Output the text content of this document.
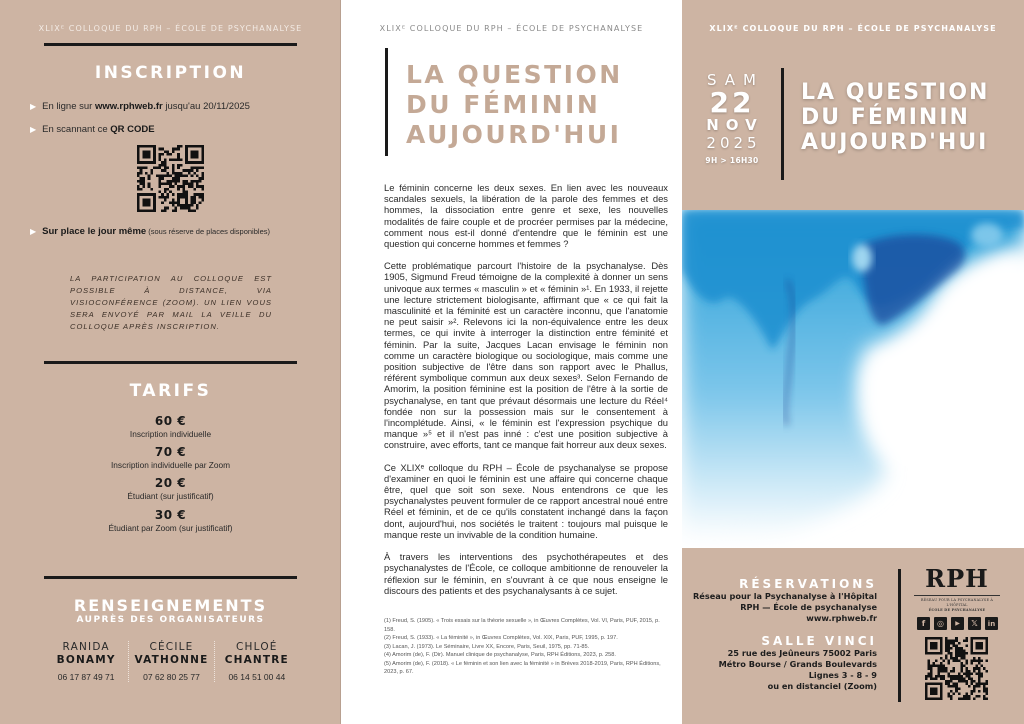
XLIXᴱ COLLOQUE DU RPH – ÉCOLE DE PSYCHANALYSE
INSCRIPTION
▶ En ligne sur www.rphweb.fr jusqu'au 20/11/2025
▶ En scannant ce QR CODE
▶ Sur place le jour même (sous réserve de places disponibles)
LA PARTICIPATION AU COLLOQUE EST POSSIBLE À DISTANCE, VIA VISIOCONFÉRENCE (ZOOM). UN LIEN VOUS SERA ENVOYÉ PAR MAIL LA VEILLE DU COLLOQUE APRÈS INSCRIPTION.
TARIFS
60 €
Inscription individuelle
70 €
Inscription individuelle par Zoom
20 €
Étudiant (sur justificatif)
30 €
Étudiant par Zoom (sur justificatif)
RENSEIGNEMENTS
AUPRÈS DES ORGANISATEURS
RANIDA
BONAMY
06 17 87 49 71
CÉCILE
VATHONNE
07 62 80 25 77
CHLOÉ
CHANTRE
06 14 51 00 44
XLIXᴱ COLLOQUE DU RPH – ÉCOLE DE PSYCHANALYSE
LA QUESTION
DU FÉMININ
AUJOURD'HUI

Le féminin concerne les deux sexes. En lien avec les nouveaux scandales sexuels, la libération de la parole des femmes et des hommes, la dissociation entre genre et sexe, les nouvelles modalités de faire couple et de procréer permises par la médecine, comment nous est-il donné d'entendre que le féminin est une question qui concerne hommes et femmes ?

Cette problématique parcourt l'histoire de la psychanalyse. Dès 1905, Sigmund Freud témoigne de la complexité à donner un sens univoque aux termes « masculin » et « féminin »¹. En 1933, il rejette une lecture strictement biologisante, affirmant que « ce qui fait la masculinité et la féminité est un caractère inconnu, que l'anatomie ne peut saisir »². Relevons ici la non-équivalence entre les deux termes, ce qui invite à interroger la distinction entre féminité et féminin. Par la suite, Jacques Lacan envisage le féminin non comme un caractère biologique ou sociologique, mais comme une position subjective de l'être dans son rapport avec le Phallus, référent symbolique commun aux deux sexes³. Selon Fernando de Amorim, la position féminine est la position de l'être à la sortie de psychanalyse, en tant que prévaut désormais une lecture du Réel⁴ fondée non sur la possession mais sur le consentement à l'incomplétude. Ainsi, « le féminin est l'expression psychique du manque »⁵ et il n'est pas inné : c'est une position subjective à construire, avec efforts, tant ce manque fait horreur aux deux sexes.

Ce XLIXᵉ colloque du RPH – École de psychanalyse se propose d'examiner en quoi le féminin est une affaire qui concerne chaque être, quel que soit son sexe. Nous entendrons ce que les psychanalystes peuvent formuler de ce rapport ancestral noué entre Réel et féminin, et de ce qu'ils constatent inchangé dans la façon dont, aujourd'hui, nos sociétés le traitent : toujours mal puisque le manque reste un invivable de la condition humaine.

À travers les interventions des psychothérapeutes et des psychanalystes de l'École, ce colloque ambitionne de renouveler la réflexion sur le féminin, en s'ouvrant à ce que nous enseigne le discours des patients et des psychanalysants à ce sujet.

(1) Freud, S. (1905). « Trois essais sur la théorie sexuelle », in Œuvres Complètes, Vol. VI, Paris, PUF, 2015, p. 158.
(2) Freud, S. (1933). « La féminité », in Œuvres Complètes, Vol. XIX, Paris, PUF, 1995, p. 197.
(3) Lacan, J. (1973). Le Séminaire, Livre XX, Encore, Paris, Seuil, 1975, pp. 71-85.
(4) Amorim (de), F. (Dir). Manuel clinique de psychanalyse, Paris, RPH Éditions, 2023, p. 258.
(5) Amorim (de), F. (2018). « Le féminin et son lien avec la féminité » in Brèves 2018-2019, Paris, RPH Éditions, 2023, p. 67.
XLIXᴱ COLLOQUE DU RPH – ÉCOLE DE PSYCHANALYSE
SAM
22
NOV
2025
9H > 16H30
LA QUESTION
DU FÉMININ
AUJOURD'HUI
RÉSERVATIONS
Réseau pour la Psychanalyse à l'Hôpital
RPH — École de psychanalyse
www.rphweb.fr
SALLE VINCI
25 rue des Jeûneurs 75002 Paris
Métro Bourse / Grands Boulevards
Lignes 3 - 8 - 9
ou en distanciel (Zoom)
RPH
RÉSEAU POUR LA PSYCHANALYSE À L'HÔPITAL
ÉCOLE DE PSYCHANALYSE
f	◎	▶	𝕏	in
